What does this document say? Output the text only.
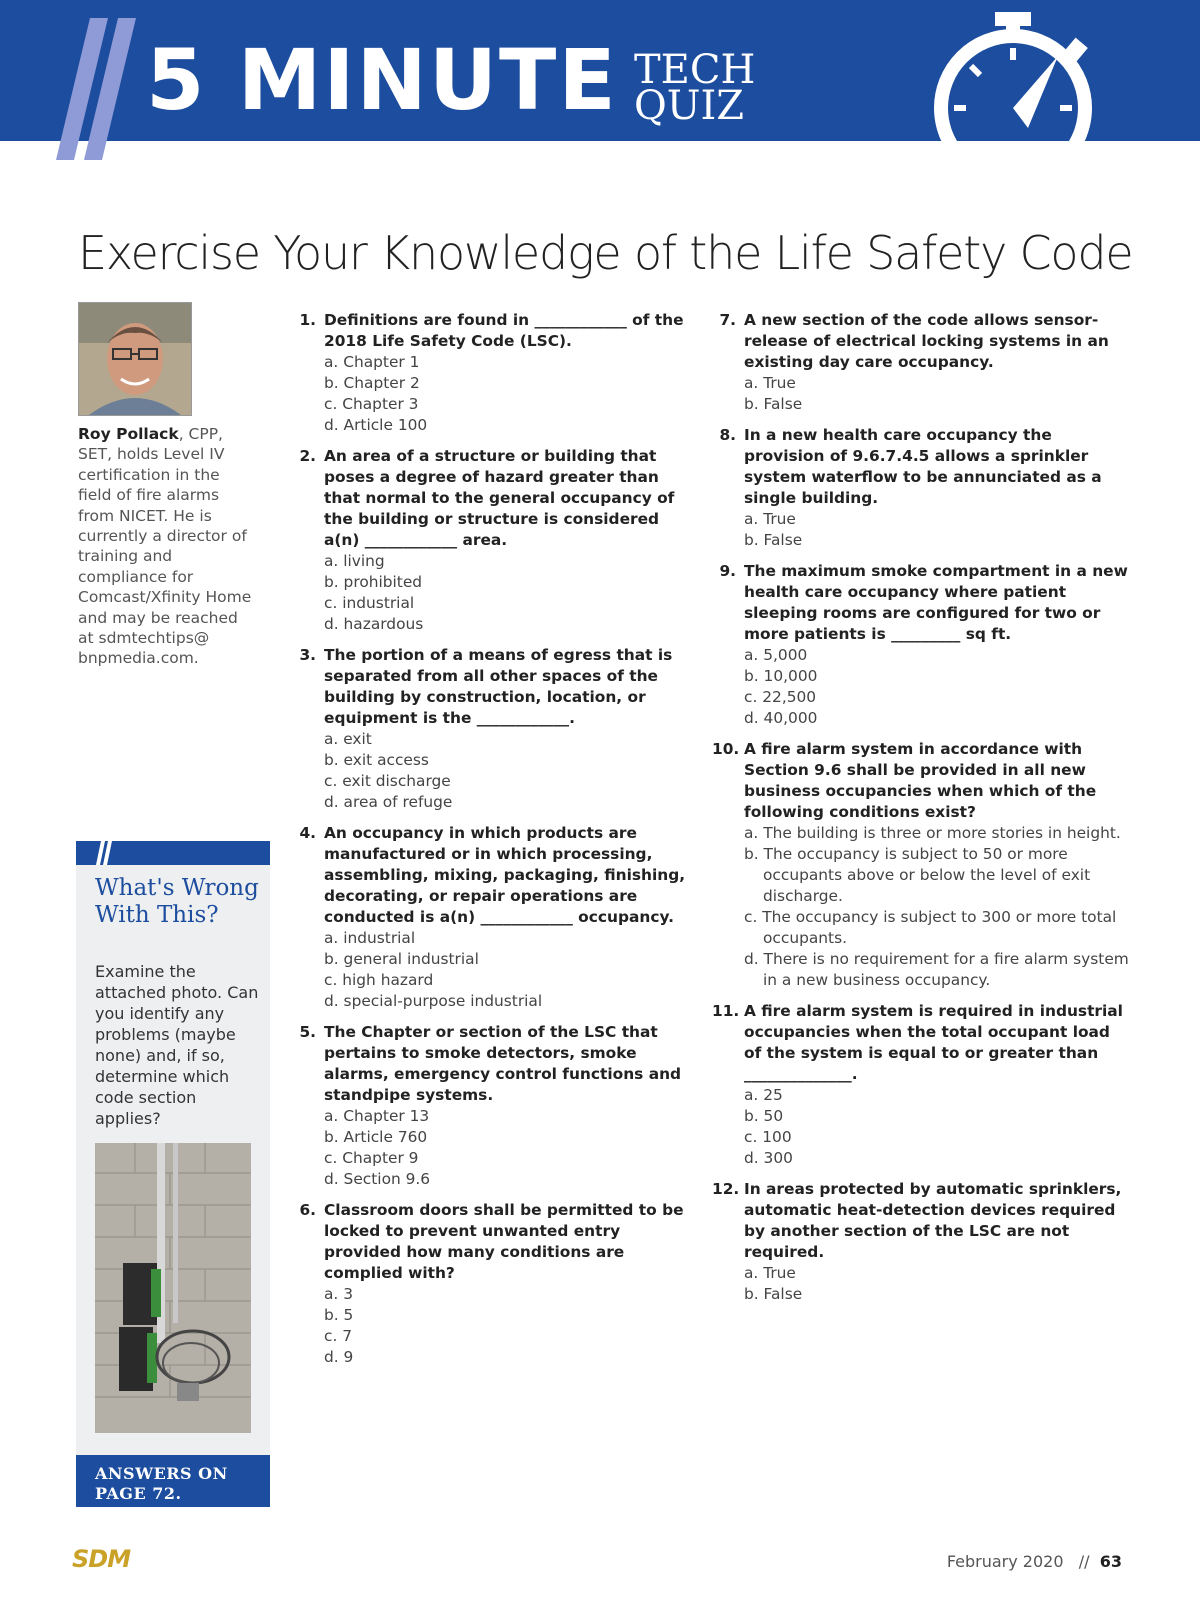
5 MINUTE TECH
QUIZ
Exercise Your Knowledge of the Life Safety Code
Roy Pollack, CPP, SET, holds Level IV certification in the field of fire alarms from NICET. He is currently a director of training and compliance for Comcast/Xfinity Home and may be reached at sdmtechtips@ bnpmedia.com.
What's Wrong With This?
Examine the attached photo. Can you identify any problems (maybe none) and, if so, determine which code section applies?
ANSWERS ON PAGE 72.
1. Definitions are found in ____________ of the 2018 Life Safety Code (LSC).
a. Chapter 1
b. Chapter 2
c. Chapter 3
d. Article 100
2. An area of a structure or building that poses a degree of hazard greater than that normal to the general occupancy of the building or structure is considered a(n) ____________ area.
a. living
b. prohibited
c. industrial
d. hazardous
3. The portion of a means of egress that is separated from all other spaces of the building by construction, location, or equipment is the ____________.
a. exit
b. exit access
c. exit discharge
d. area of refuge
4. An occupancy in which products are manufactured or in which processing, assembling, mixing, packaging, finishing, decorating, or repair operations are conducted is a(n) ____________ occupancy.
a. industrial
b. general industrial
c. high hazard
d. special-purpose industrial
5. The Chapter or section of the LSC that pertains to smoke detectors, smoke alarms, emergency control functions and standpipe systems.
a. Chapter 13
b. Article 760
c. Chapter 9
d. Section 9.6
6. Classroom doors shall be permitted to be locked to prevent unwanted entry provided how many conditions are complied with?
a. 3
b. 5
c. 7
d. 9
7. A new section of the code allows sensor-release of electrical locking systems in an existing day care occupancy.
a. True
b. False
8. In a new health care occupancy the provision of 9.6.7.4.5 allows a sprinkler system waterflow to be annunciated as a single building.
a. True
b. False
9. The maximum smoke compartment in a new health care occupancy where patient sleeping rooms are configured for two or more patients is _________ sq ft.
a. 5,000
b. 10,000
c. 22,500
d. 40,000
10. A fire alarm system in accordance with Section 9.6 shall be provided in all new business occupancies when which of the following conditions exist?
a. The building is three or more stories in height.
b. The occupancy is subject to 50 or more occupants above or below the level of exit discharge.
c. The occupancy is subject to 300 or more total occupants.
d. There is no requirement for a fire alarm system in a new business occupancy.
11. A fire alarm system is required in industrial occupancies when the total occupant load of the system is equal to or greater than ______________.
a. 25
b. 50
c. 100
d. 300
12. In areas protected by automatic sprinklers, automatic heat-detection devices required by another section of the LSC are not required.
a. True
b. False
SDM	February 2020 // 63
